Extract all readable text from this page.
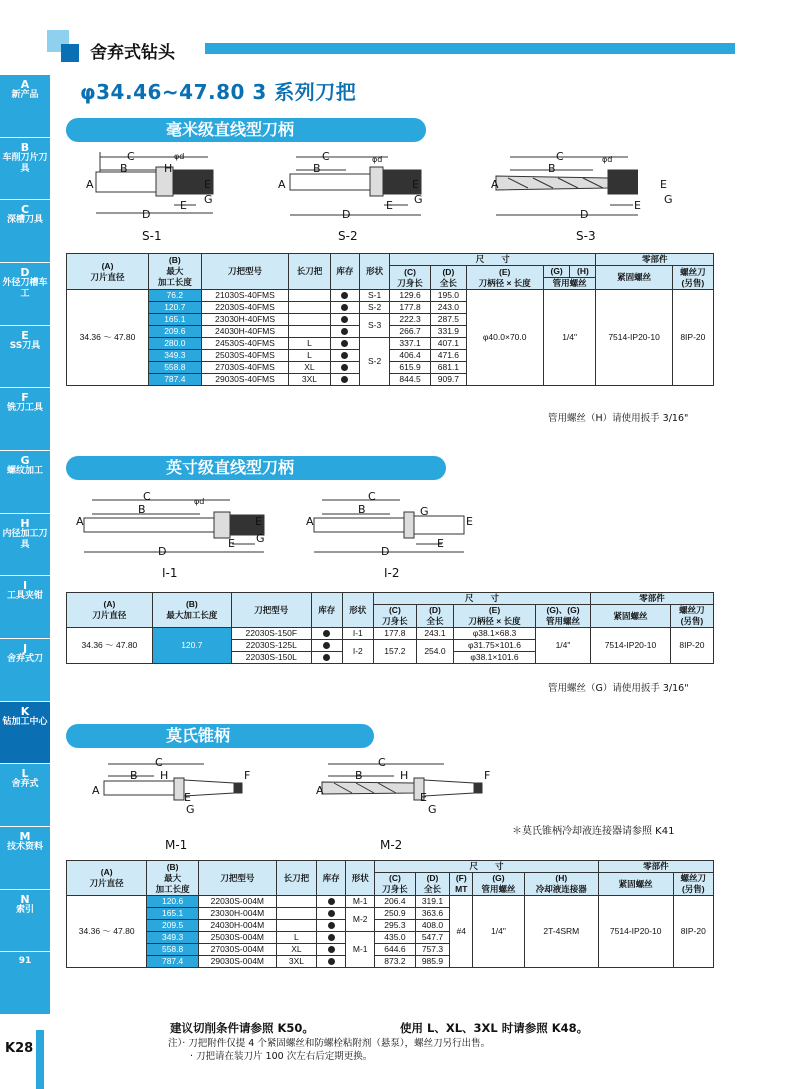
A
新产品
B
车削刀片刀具
C
深槽刀具
D
外径刀槽车工
E
SS刀具
F
铣刀工具
G
螺纹加工
H
内径加工刀具
I
工具夹钳
J
舍弃式刀
K
钻加工中心
L
舍弃式
M
技术资料
N
索引
91
舍弃式钻头
φ34.46~47.80 3 系列刀把
毫米级直线型刀柄
C
B	H
φd
A	E
G
E
D
S-1
C
B
φd
A	E
G
E
D
S-2
C
B
φd
A	E
G
E
D
S-3
(A)
刀片直径	(B)
最大
加工长度	刀把型号	长刀把	库存	形状	尺　　寸					零部件	
						(C)
刀身长	(D)
全长	(E)
刀柄径 × 长度	(G)	(H)	紧固螺丝	螺丝刀
(另售)
									管用螺丝			
34.36 ～ 47.80	76.2	21030S-40FMS			S-1	129.6	195.0	φ40.0×70.0	1/4"		7514-IP20-10	8IP-20
	120.7	22030S-40FMS			S-2	177.8	243.0					
	165.1	23030H-40FMS			S-3	222.3	287.5					
	209.6	24030H-40FMS				266.7	331.9					
	280.0	24530S-40FMS	L		S-2	337.1	407.1					
	349.3	25030S-40FMS	L			406.4	471.6					
	558.8	27030S-40FMS	XL			615.9	681.1					
	787.4	29030S-40FMS	3XL			844.5	909.7					
管用螺丝（H）请使用扳手 3/16"
英寸级直线型刀柄
C
B
φd
A	E
G
E
D
I-1
C
B	G
A	E
E
D
I-2
(A)
刀片直径	(B)
最大加工长度	刀把型号	库存	形状	尺　　寸				零部件	
					(C)
刀身长	(D)
全长	(E)
刀柄径 × 长度	(G)、(G)
管用螺丝	紧固螺丝	螺丝刀
(另售)

34.36 ～ 47.80	120.7	22030S-150F		I-1	177.8	243.1	φ38.1×68.3	1/4"	7514-IP20-10	8IP-20
		22030S-125L		I-2	157.2	254.0	φ31.75×101.6			
		22030S-150L					φ38.1×101.6			
管用螺丝（G）请使用扳手 3/16"
莫氏锥柄
C
B H	F
A
E
G
M-1
C
B	H	F
A
E
G
M-2
＊莫氏锥柄冷却液连接器请参照 K41
(A)
刀片直径	(B)
最大
加工长度	刀把型号	长刀把	库存	形状	尺　　寸					零部件	
						(C)
刀身长	(D)
全长	(F)
MT	(G)
管用螺丝	(H)
冷却液连接器	紧固螺丝	螺丝刀
(另售)

34.36 ～ 47.80	120.6	22030S-004M			M-1	206.4	319.1	#4	1/4"	2T-4SRM	7514-IP20-10	8IP-20
	165.1	23030H-004M			M-2	250.9	363.6					
	209.5	24030H-004M				295.3	408.0					
	349.3	25030S-004M	L		M-1	435.0	547.7					
	558.8	27030S-004M	XL			644.6	757.3					
	787.4	29030S-004M	3XL			873.2	985.9					
建议切削条件请参照 K50。	使用 L、XL、3XL 时请参照 K48。
注）· 刀把附件仅提 4 个紧固螺丝和防螺栓粘附剂（悬泵），螺丝刀另行出售。
· 刀把请在装刀片 100 次左右后定期更换。
K28
